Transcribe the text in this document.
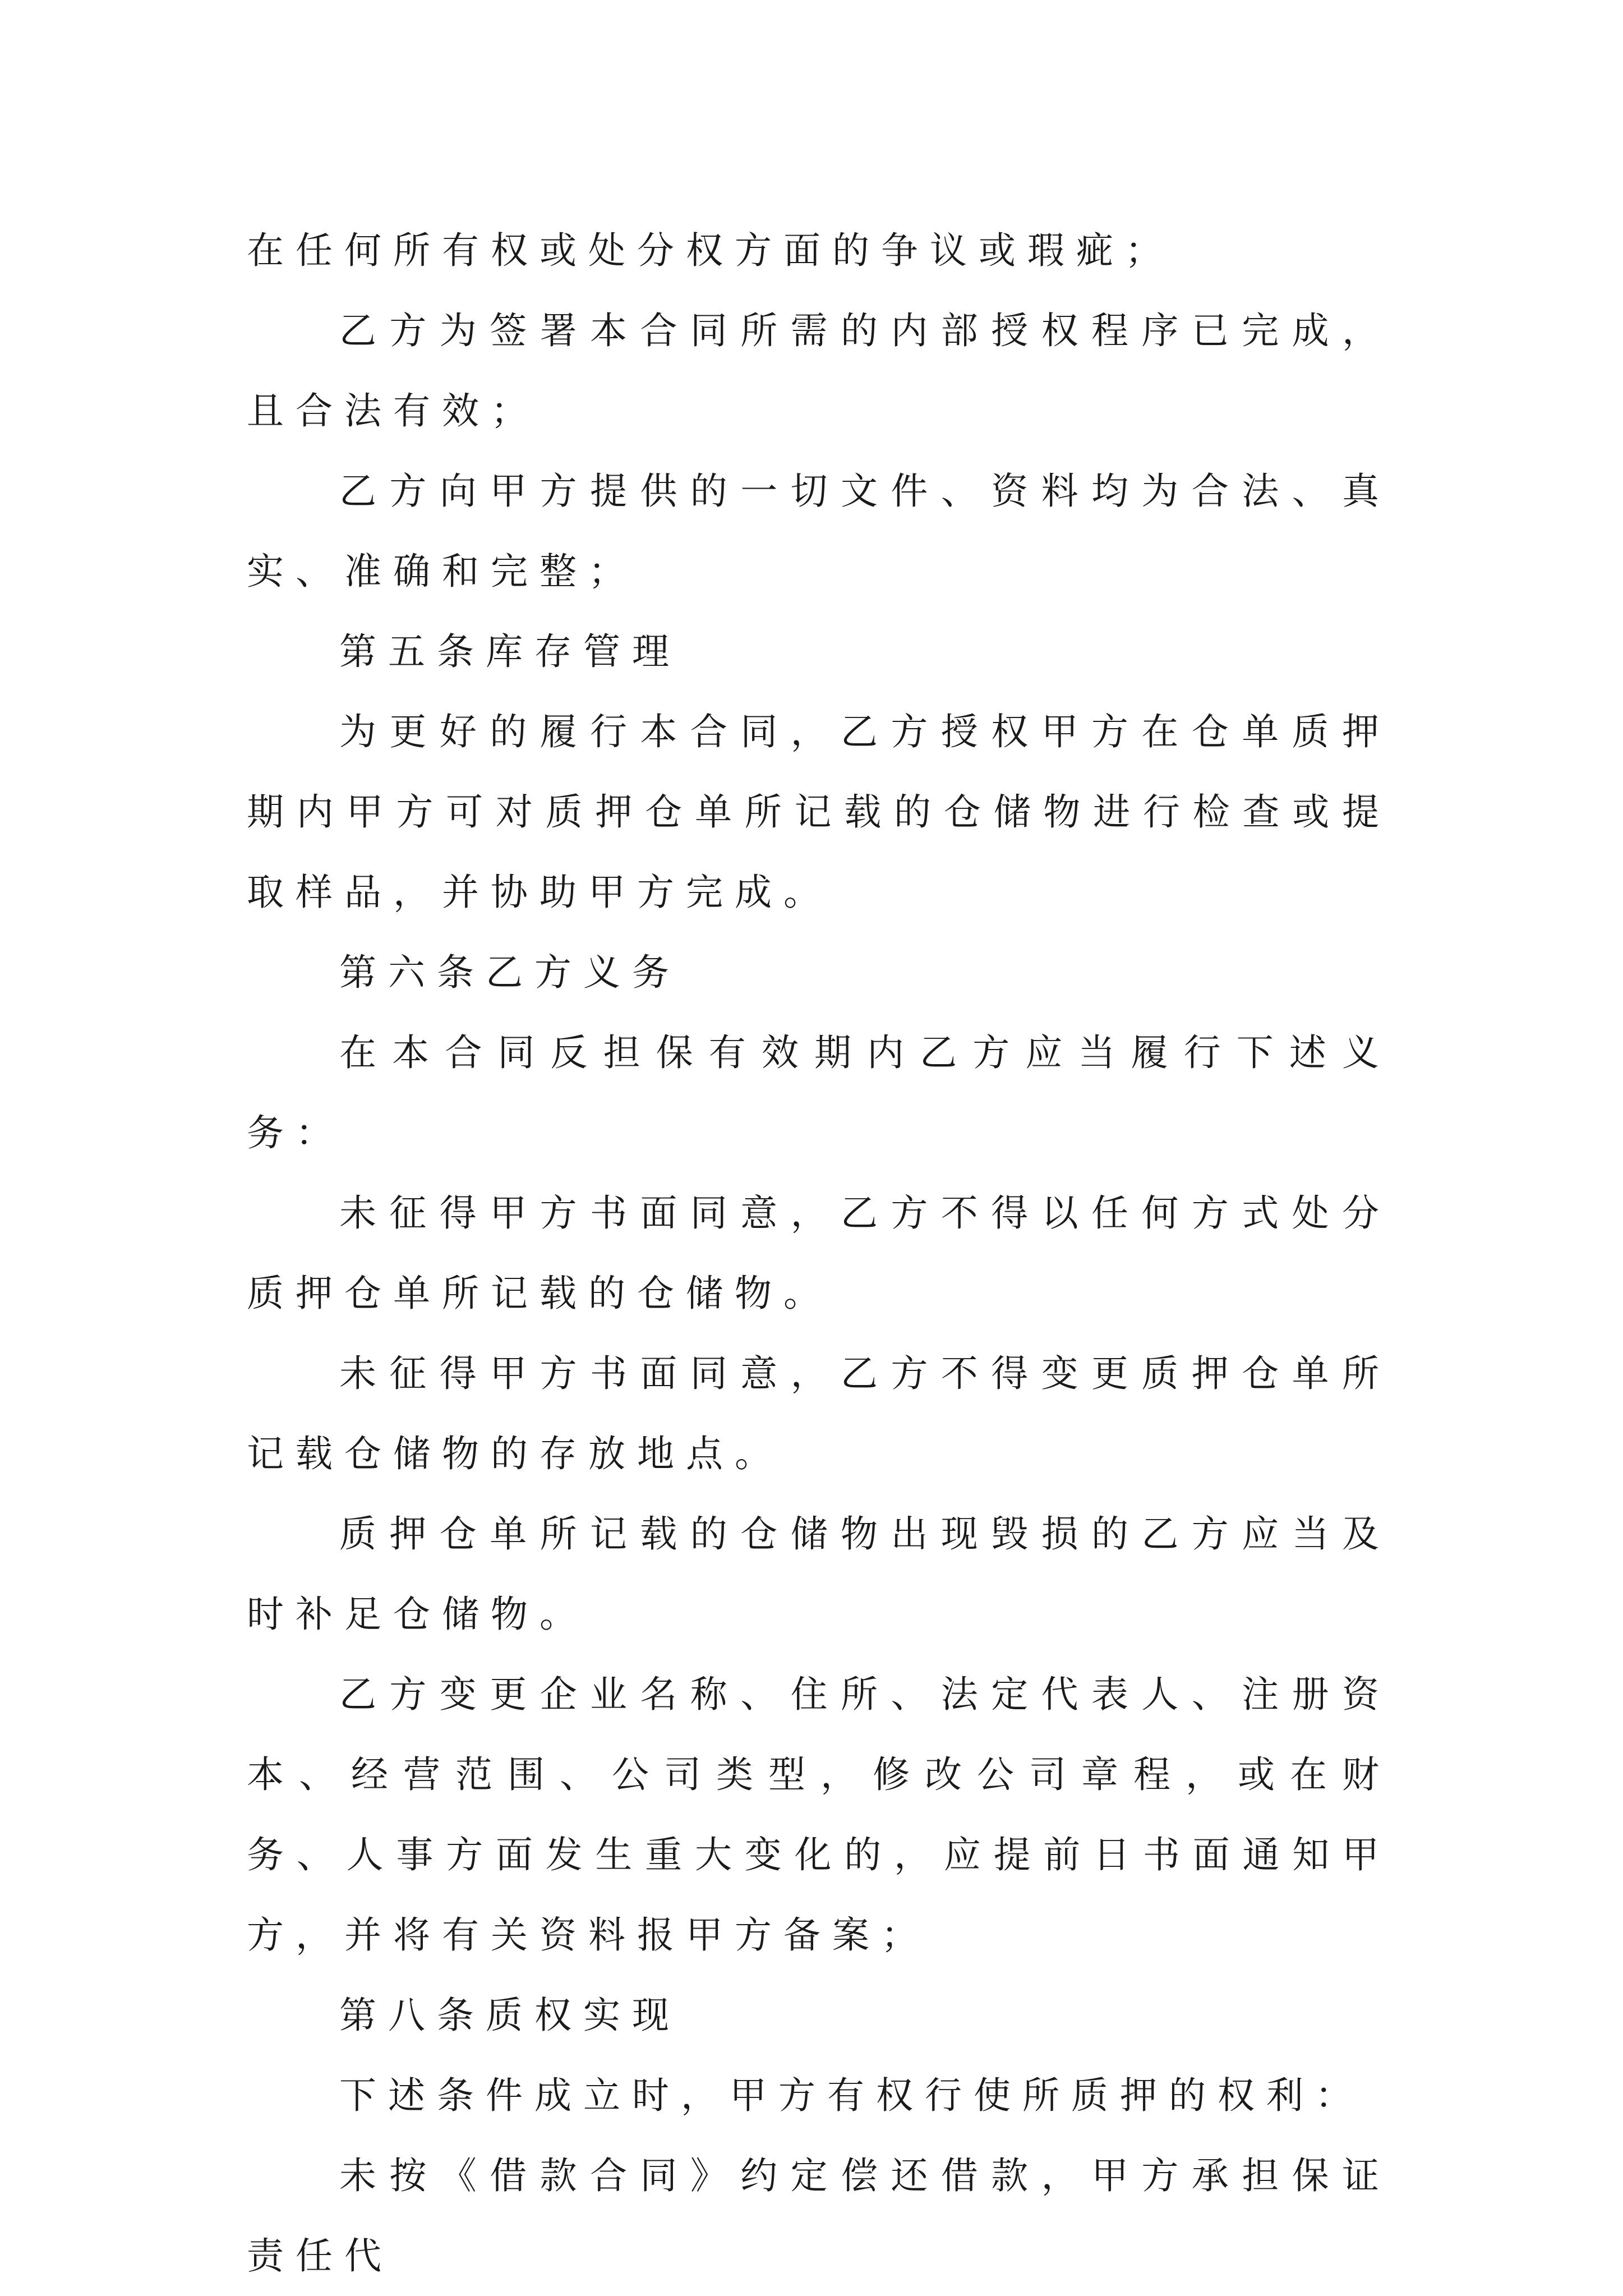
在任何所有权或处分权方面的争议或瑕疵；

乙方为签署本合同所需的内部授权程序已完成，且合法有效；

乙方向甲方提供的一切文件、资料均为合法、真实、准确和完整；

第五条库存管理

为更好的履行本合同，乙方授权甲方在仓单质押期内甲方可对质押仓单所记载的仓储物进行检查或提取样品，并协助甲方完成。

第六条乙方义务

在本合同反担保有效期内乙方应当履行下述义务：

未征得甲方书面同意，乙方不得以任何方式处分质押仓单所记载的仓储物。

未征得甲方书面同意，乙方不得变更质押仓单所记载仓储物的存放地点。

质押仓单所记载的仓储物出现毁损的乙方应当及时补足仓储物。

乙方变更企业名称、住所、法定代表人、注册资本、经营范围、公司类型，修改公司章程，或在财务、人事方面发生重大变化的，应提前日书面通知甲方，并将有关资料报甲方备案；

第八条质权实现

下述条件成立时，甲方有权行使所质押的权利：

未按《借款合同》约定偿还借款，甲方承担保证责任代
